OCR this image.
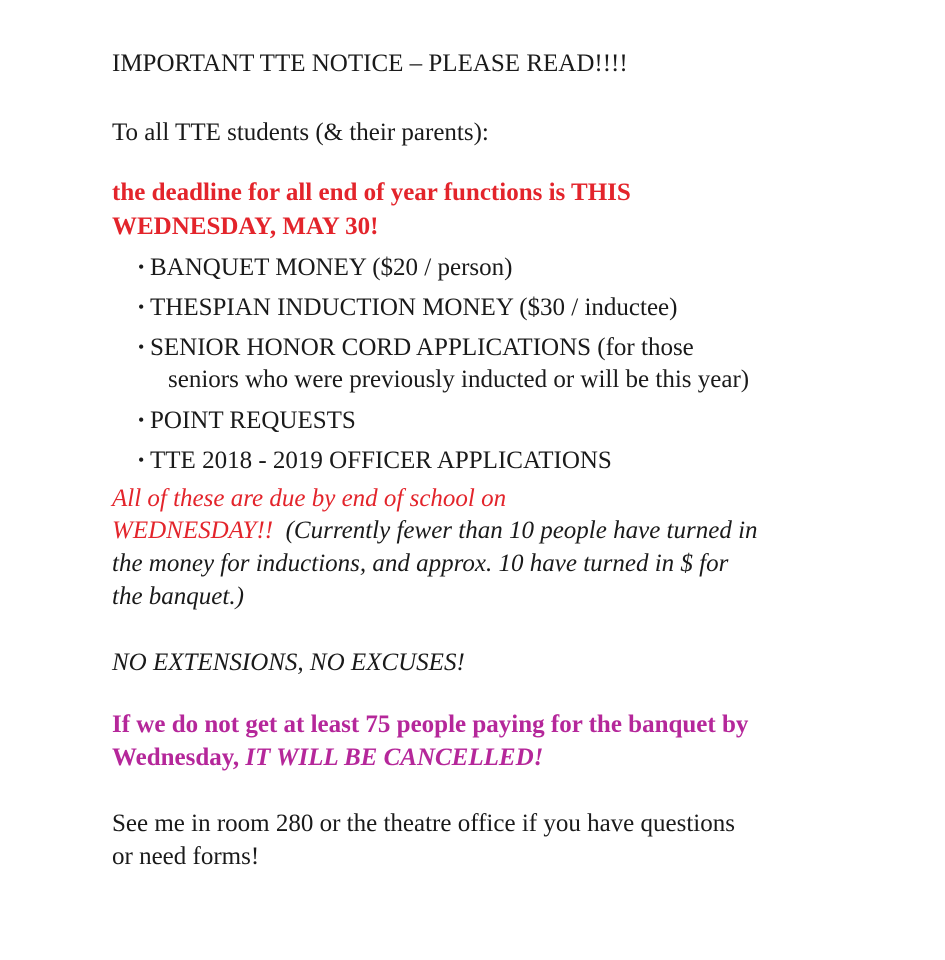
IMPORTANT TTE NOTICE – PLEASE READ!!!!

To all TTE students (& their parents):

the deadline for all end of year functions is THIS

WEDNESDAY, MAY 30!

• BANQUET MONEY ($20 / person)
• THESPIAN INDUCTION MONEY ($30 / inductee)
• SENIOR HONOR CORD APPLICATIONS (for those
seniors who were previously inducted or will be this year)
• POINT REQUESTS
• TTE 2018 - 2019 OFFICER APPLICATIONS

All of these are due by end of school on

WEDNESDAY!! (Currently fewer than 10 people have turned in

the money for inductions, and approx. 10 have turned in $ for

the banquet.)

NO EXTENSIONS, NO EXCUSES!

If we do not get at least 75 people paying for the banquet by

Wednesday, IT WILL BE CANCELLED!

See me in room 280 or the theatre office if you have questions

or need forms!
